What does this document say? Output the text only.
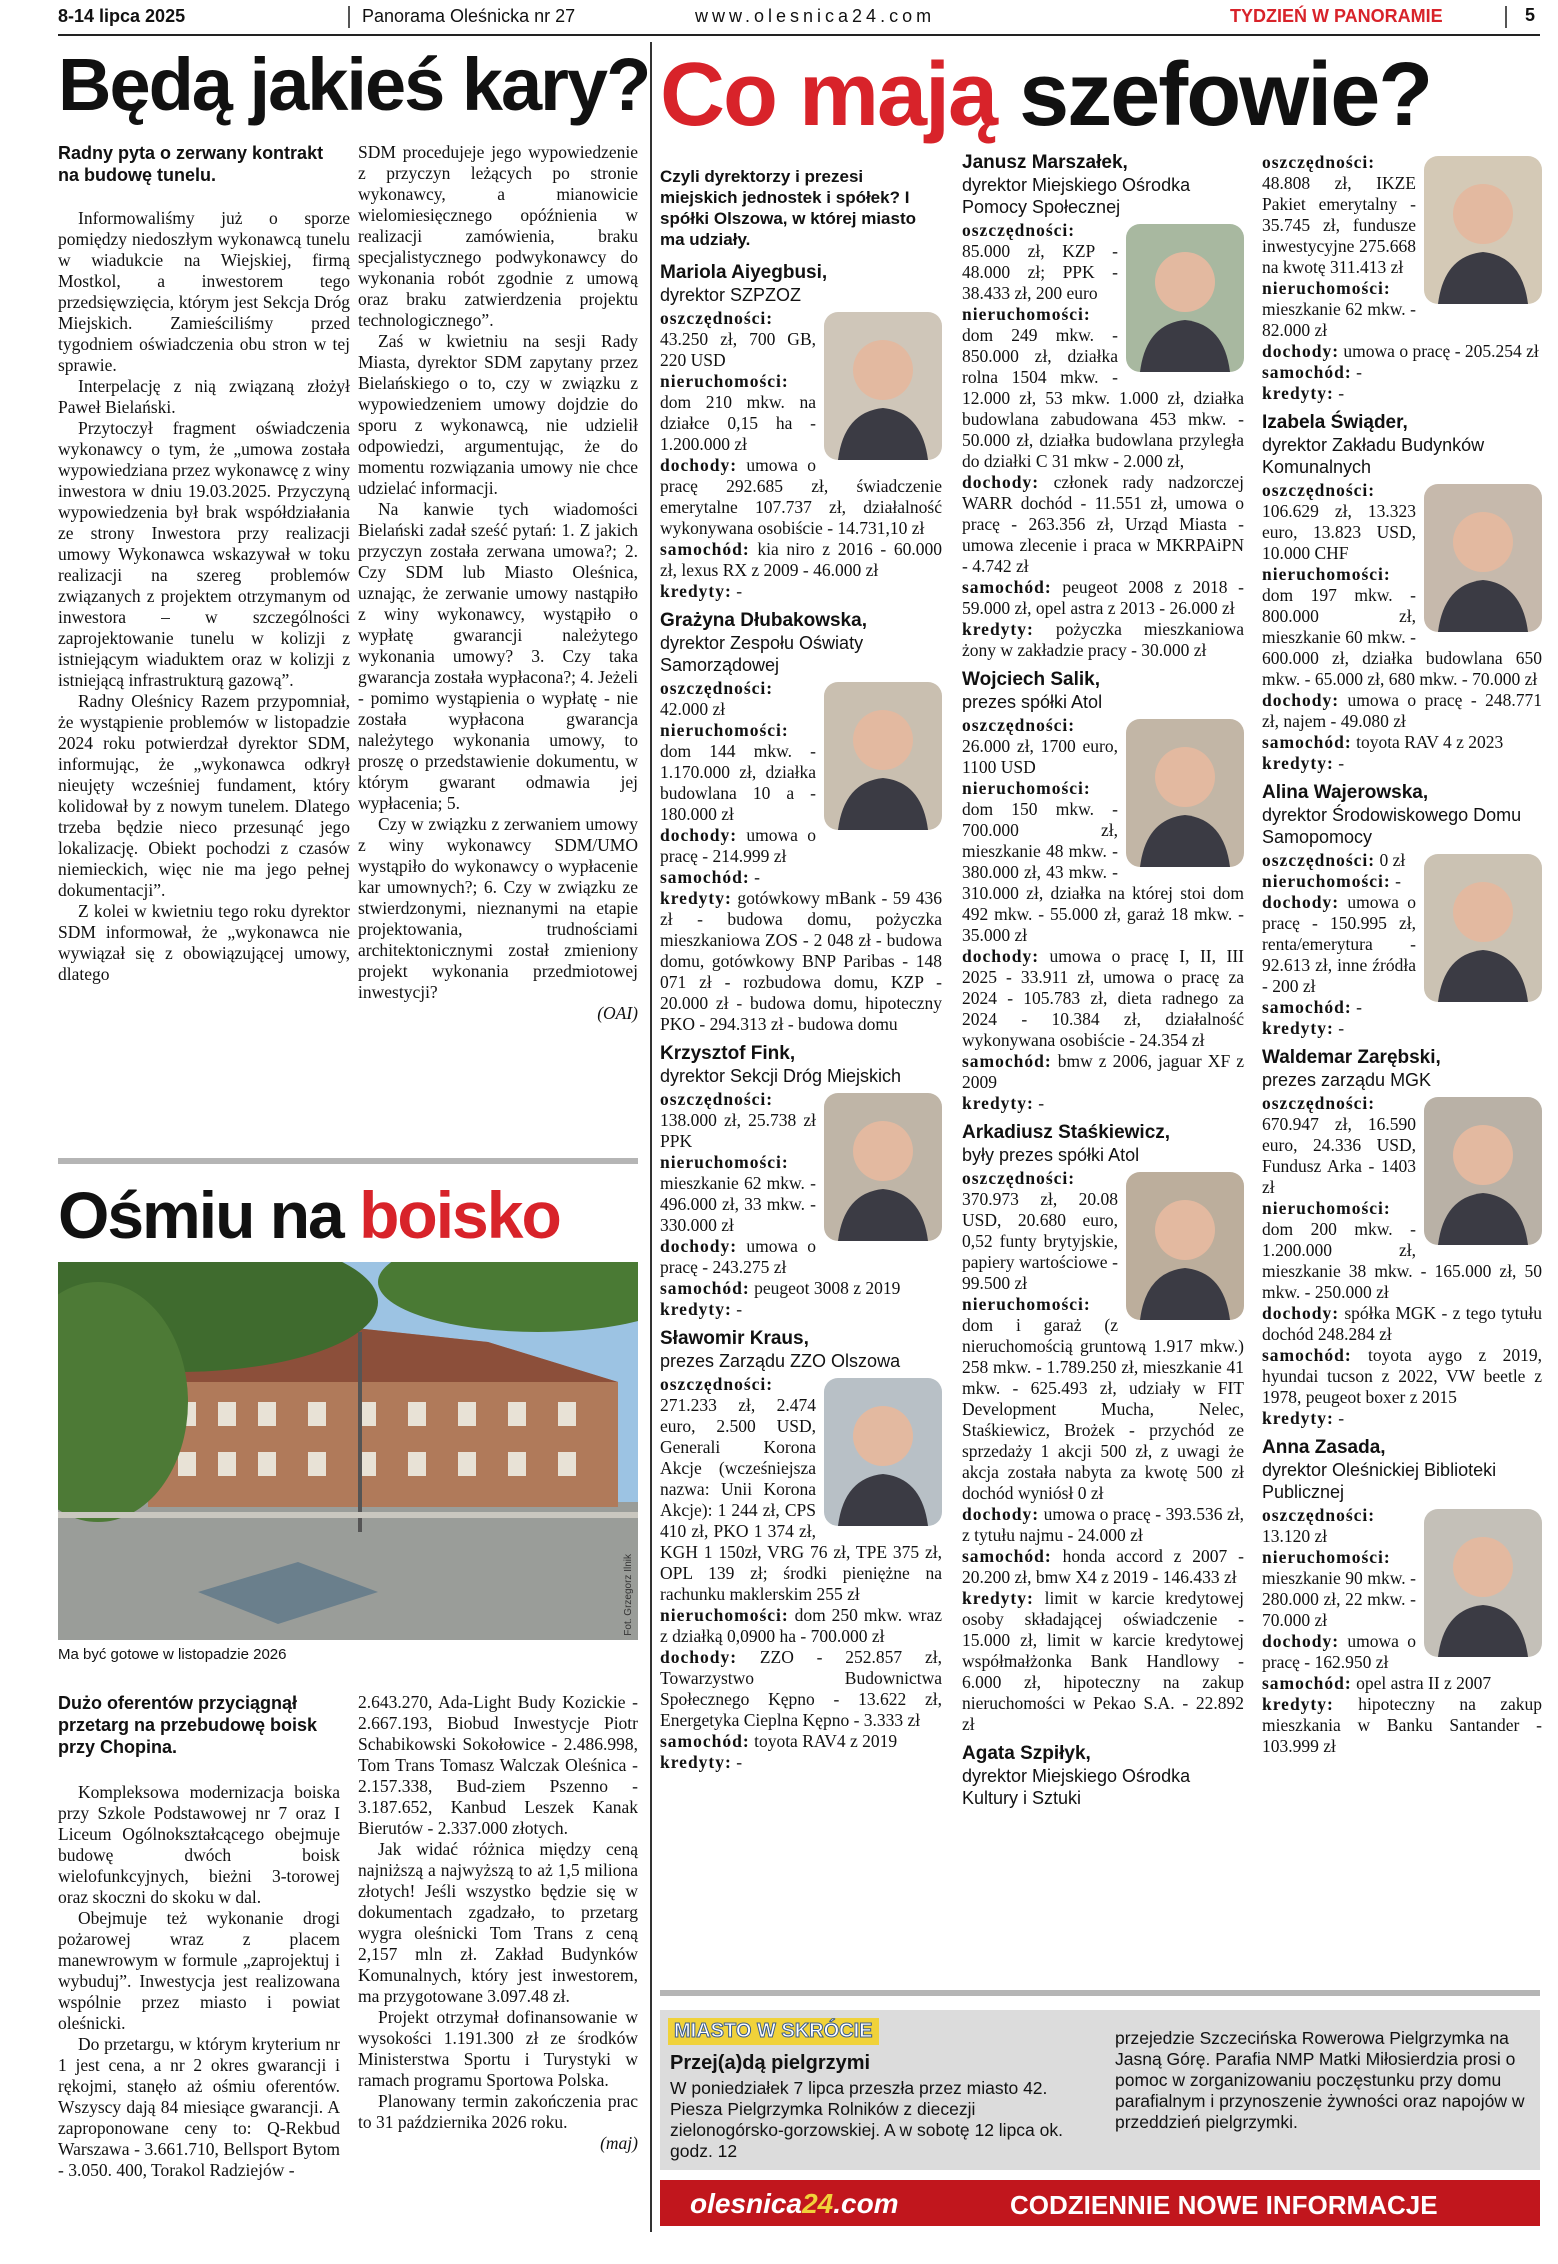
8-14 lipca 2025	Panorama Oleśnicka nr 27	www.olesnica24.com	TYDZIEŃ W PANORAMIE	5
Będą jakieś kary?
Radny pyta o zerwany kontrakt na budowę tunelu.

Informowaliśmy już o sporze pomiędzy niedoszłym wykonawcą tunelu w wiadukcie na Wiejskiej, firmą Mostkol, a inwestorem tego przedsięwzięcia, którym jest Sekcja Dróg Miejskich. Zamieściliśmy przed tygodniem oświadczenia obu stron w tej sprawie.

Interpelację z nią związaną złożył Paweł Bielański.

Przytoczył fragment oświadczenia wykonawcy o tym, że „umowa została wypowiedziana przez wykonawcę z winy inwestora w dniu 19.03.2025. Przyczyną wypowiedzenia był brak współdziałania ze strony Inwestora przy realizacji umowy Wykonawca wskazywał w toku realizacji na szereg problemów związanych z projektem otrzymanym od inwestora – w szczególności zaprojektowanie tunelu w kolizji z istniejącym wiaduktem oraz w kolizji z istniejącą infrastrukturą gazową”.

Radny Oleśnicy Razem przypomniał, że wystąpienie problemów w listopadzie 2024 roku potwierdzał dyrektor SDM, informując, że „wykonawca odkrył nieujęty wcześniej fundament, który kolidował by z nowym tunelem. Dlatego trzeba będzie nieco przesunąć jego lokalizację. Obiekt pochodzi z czasów niemieckich, więc nie ma jego pełnej dokumentacji”.

Z kolei w kwietniu tego roku dyrektor SDM informował, że „wykonawca nie wywiązał się z obowiązującej umowy, dlatego

SDM procedujeje jego wypowiedzenie z przyczyn leżących po stronie wykonawcy, a mianowicie wielomiesięcznego opóźnienia w realizacji zamówienia, braku specjalistycznego podwykonawcy do wykonania robót zgodnie z umową oraz braku zatwierdzenia projektu technologicznego”.

Zaś w kwietniu na sesji Rady Miasta, dyrektor SDM zapytany przez Bielańskiego o to, czy w związku z wypowiedzeniem umowy dojdzie do sporu z wykonawcą, nie udzielił odpowiedzi, argumentując, że do momentu rozwiązania umowy nie chce udzielać informacji.

Na kanwie tych wiadomości Bielański zadał sześć pytań: 1. Z jakich przyczyn została zerwana umowa?; 2. Czy SDM lub Miasto Oleśnica, uznając, że zerwanie umowy nastąpiło z winy wykonawcy, wystąpiło o wypłatę gwarancji należytego wykonania umowy? 3. Czy taka gwarancja została wypłacona?; 4. Jeżeli - pomimo wystąpienia o wypłatę - nie została wypłacona gwarancja należytego wykonania umowy, to proszę o przedstawienie dokumentu, w którym gwarant odmawia jej wypłacenia; 5.

Czy w związku z zerwaniem umowy z winy wykonawcy SDM/UMO wystąpiło do wykonawcy o wypłacenie kar umownych?; 6. Czy w związku ze stwierdzonymi, nieznanymi na etapie projektowania, trudnościami architektonicznymi został zmieniony projekt wykonania przedmiotowej inwestycji?

(OAI)

Ośmiu na boisko
Fot. Grzegorz Ilnik
Ma być gotowe w listopadzie 2026
Dużo oferentów przyciągnął przetarg na przebudowę boisk przy Chopina.

Kompleksowa modernizacja boiska przy Szkole Podstawowej nr 7 oraz I Liceum Ogólnokształcącego obejmuje budowę dwóch boisk wielofunkcyjnych, bieżni 3-torowej oraz skoczni do skoku w dal.

Obejmuje też wykonanie drogi pożarowej wraz z placem manewrowym w formule „zaprojektuj i wybuduj”. Inwestycja jest realizowana wspólnie przez miasto i powiat oleśnicki.

Do przetargu, w którym kryterium nr 1 jest cena, a nr 2 okres gwarancji i rękojmi, stanęło aż ośmiu oferentów. Wszyscy dają 84 miesiące gwarancji. A zaproponowane ceny to: Q-Rekbud Warszawa - 3.661.710, Bellsport Bytom - 3.050. 400, Torakol Radziejów -

2.643.270, Ada-Light Budy Kozickie - 2.667.193, Biobud Inwestycje Piotr Schabikowski Sokołowice - 2.486.998, Tom Trans Tomasz Walczak Oleśnica - 2.157.338, Bud-ziem Pszenno - 3.187.652, Kanbud Leszek Kanak Bierutów - 2.337.000 złotych.

Jak widać różnica między ceną najniższą a najwyższą to aż 1,5 miliona złotych! Jeśli wszystko będzie się w dokumentach zgadzało, to przetarg wygra oleśnicki Tom Trans z ceną 2,157 mln zł. Zakład Budynków Komunalnych, który jest inwestorem, ma przygotowane 3.097.48 zł.

Projekt otrzymał dofinansowanie w wysokości 1.191.300 zł ze środków Ministerstwa Sportu i Turystyki w ramach programu Sportowa Polska.

Planowany termin zakończenia prac to 31 października 2026 roku.

(maj)

Co mają szefowie?
Czyli dyrektorzy i prezesi miejskich jednostek i spółek? I spółki Olszowa, w której miasto ma udziały.
Mariola Aiyegbusi,
dyrektor SZPZOZ
oszczędności: 43.250 zł, 700 GB, 220 USD
nieruchomości: dom 210 mkw. na działce 0,15 ha - 1.200.000 zł
dochody: umowa o pracę 292.685 zł, świadczenie emerytalne 107.737 zł, działalność wykonywana osobiście - 14.731,10 zł
samochód: kia niro z 2016 - 60.000 zł, lexus RX z 2009 - 46.000 zł
kredyty: -
Grażyna Dłubakowska,
dyrektor Zespołu Oświaty Samorządowej
oszczędności: 42.000 zł
nieruchomości: dom 144 mkw. - 1.170.000 zł, działka budowlana 10 a - 180.000 zł
dochody: umowa o pracę - 214.999 zł
samochód: -
kredyty: gotówkowy mBank - 59 436 zł - budowa domu, pożyczka mieszkaniowa ZOS - 2 048 zł - budowa domu, gotówkowy BNP Paribas - 148 071 zł - rozbudowa domu, KZP - 20.000 zł - budowa domu, hipoteczny PKO - 294.313 zł - budowa domu
Krzysztof Fink,
dyrektor Sekcji Dróg Miejskich
oszczędności: 138.000 zł, 25.738 zł PPK
nieruchomości: mieszkanie 62 mkw. - 496.000 zł, 33 mkw. - 330.000 zł
dochody: umowa o pracę - 243.275 zł
samochód: peugeot 3008 z 2019
kredyty: -
Sławomir Kraus,
prezes Zarządu ZZO Olszowa
oszczędności: 271.233 zł, 2.474 euro, 2.500 USD, Generali Korona Akcje (wcześniejsza nazwa: Unii Korona Akcje): 1 244 zł, CPS 410 zł, PKO 1 374 zł, KGH 1 150zł, VRG 76 zł, TPE 375 zł, OPL 139 zł; środki pieniężne na rachunku maklerskim 255 zł
nieruchomości: dom 250 mkw. wraz z działką 0,0900 ha - 700.000 zł
dochody: ZZO - 252.857 zł, Towarzystwo Budownictwa Społecznego Kępno - 13.622 zł, Energetyka Cieplna Kępno - 3.333 zł
samochód: toyota RAV4 z 2019
kredyty: -
Janusz Marszałek,
dyrektor Miejskiego Ośrodka Pomocy Społecznej
oszczędności: 85.000 zł, KZP - 48.000 zł; PPK - 38.433 zł, 200 euro
nieruchomości: dom 249 mkw. - 850.000 zł, działka rolna 1504 mkw. - 12.000 zł, 53 mkw. 1.000 zł, działka budowlana zabudowana 453 mkw. - 50.000 zł, działka budowlana przyległa do działki C 31 mkw - 2.000 zł,
dochody: członek rady nadzorczej WARR dochód - 11.551 zł, umowa o pracę - 263.356 zł, Urząd Miasta - umowa zlecenie i praca w MKRPAiPN - 4.742 zł
samochód: peugeot 2008 z 2018 - 59.000 zł, opel astra z 2013 - 26.000 zł
kredyty: pożyczka mieszkaniowa żony w zakładzie pracy - 30.000 zł
Wojciech Salik,
prezes spółki Atol
oszczędności: 26.000 zł, 1700 euro, 1100 USD
nieruchomości: dom 150 mkw. - 700.000 zł, mieszkanie 48 mkw. - 380.000 zł, 43 mkw. - 310.000 zł, działka na której stoi dom 492 mkw. - 55.000 zł, garaż 18 mkw. - 35.000 zł
dochody: umowa o pracę I, II, III 2025 - 33.911 zł, umowa o pracę za 2024 - 105.783 zł, dieta radnego za 2024 - 10.384 zł, działalność wykonywana osobiście - 24.354 zł
samochód: bmw z 2006, jaguar XF z 2009
kredyty: -
Arkadiusz Staśkiewicz,
były prezes spółki Atol
oszczędności: 370.973 zł, 20.08 USD, 20.680 euro, 0,52 funty brytyjskie, papiery wartościowe - 99.500 zł
nieruchomości: dom i garaż (z nieruchomością gruntową 1.917 mkw.) 258 mkw. - 1.789.250 zł, mieszkanie 41 mkw. - 625.493 zł, udziały w FIT Development Mucha, Nelec, Staśkiewicz, Brożek - przychód ze sprzedaży 1 akcji 500 zł, z uwagi że akcja została nabyta za kwotę 500 zł dochód wyniósł 0 zł
dochody: umowa o pracę - 393.536 zł, z tytułu najmu - 24.000 zł
samochód: honda accord z 2007 - 20.200 zł, bmw X4 z 2019 - 146.433 zł
kredyty: limit w karcie kredytowej osoby składającej oświadczenie - 15.000 zł, limit w karcie kredytowej współmałżonka Bank Handlowy - 6.000 zł, hipoteczny na zakup nieruchomości w Pekao S.A. - 22.892 zł
Agata Szpiłyk,
dyrektor Miejskiego Ośrodka Kultury i Sztuki
oszczędności: 48.808 zł, IKZE Pakiet emerytalny - 35.745 zł, fundusze inwestycyjne 275.668 na kwotę 311.413 zł
nieruchomości: mieszkanie 62 mkw. - 82.000 zł
dochody: umowa o pracę - 205.254 zł
samochód: -
kredyty: -
Izabela Świąder,
dyrektor Zakładu Budynków Komunalnych
oszczędności: 106.629 zł, 13.323 euro, 13.823 USD, 10.000 CHF
nieruchomości: dom 197 mkw. - 800.000 zł, mieszkanie 60 mkw. - 600.000 zł, działka budowlana 650 mkw. - 65.000 zł, 680 mkw. - 70.000 zł
dochody: umowa o pracę - 248.771 zł, najem - 49.080 zł
samochód: toyota RAV 4 z 2023
kredyty: -
Alina Wajerowska,
dyrektor Środowiskowego Domu Samopomocy
oszczędności: 0 zł
nieruchomości: -
dochody: umowa o pracę - 150.995 zł, renta/emerytura - 92.613 zł, inne źródła - 200 zł
samochód: -
kredyty: -
Waldemar Zarębski,
prezes zarządu MGK
oszczędności: 670.947 zł, 16.590 euro, 24.336 USD, Fundusz Arka - 1403 zł
nieruchomości: dom 200 mkw. - 1.200.000 zł, mieszkanie 38 mkw. - 165.000 zł, 50 mkw. - 250.000 zł
dochody: spółka MGK - z tego tytułu dochód 248.284 zł
samochód: toyota aygo z 2019, hyundai tucson z 2022, VW beetle z 1978, peugeot boxer z 2015
kredyty: -
Anna Zasada,
dyrektor Oleśnickiej Biblioteki Publicznej
oszczędności: 13.120 zł
nieruchomości: mieszkanie 90 mkw. - 280.000 zł, 22 mkw. - 70.000 zł
dochody: umowa o pracę - 162.950 zł
samochód: opel astra II z 2007
kredyty: hipoteczny na zakup mieszkania w Banku Santander - 103.999 zł
MIASTO W SKRÓCIE
Przej(a)dą pielgrzymi
W poniedziałek 7 lipca przeszła przez miasto 42. Piesza Pielgrzymka Rolników z diecezji zielonogórsko-gorzowskiej. A w sobotę 12 lipca ok. godz. 12
przejedzie Szczecińska Rowerowa Pielgrzymka na Jasną Górę. Parafia NMP Matki Miłosierdzia prosi o pomoc w zorganizowaniu poczęstunku przy domu parafialnym i przynoszenie żywności oraz napojów w przeddzień pielgrzymki.
olesnica24.com	CODZIENNIE NOWE INFORMACJE
